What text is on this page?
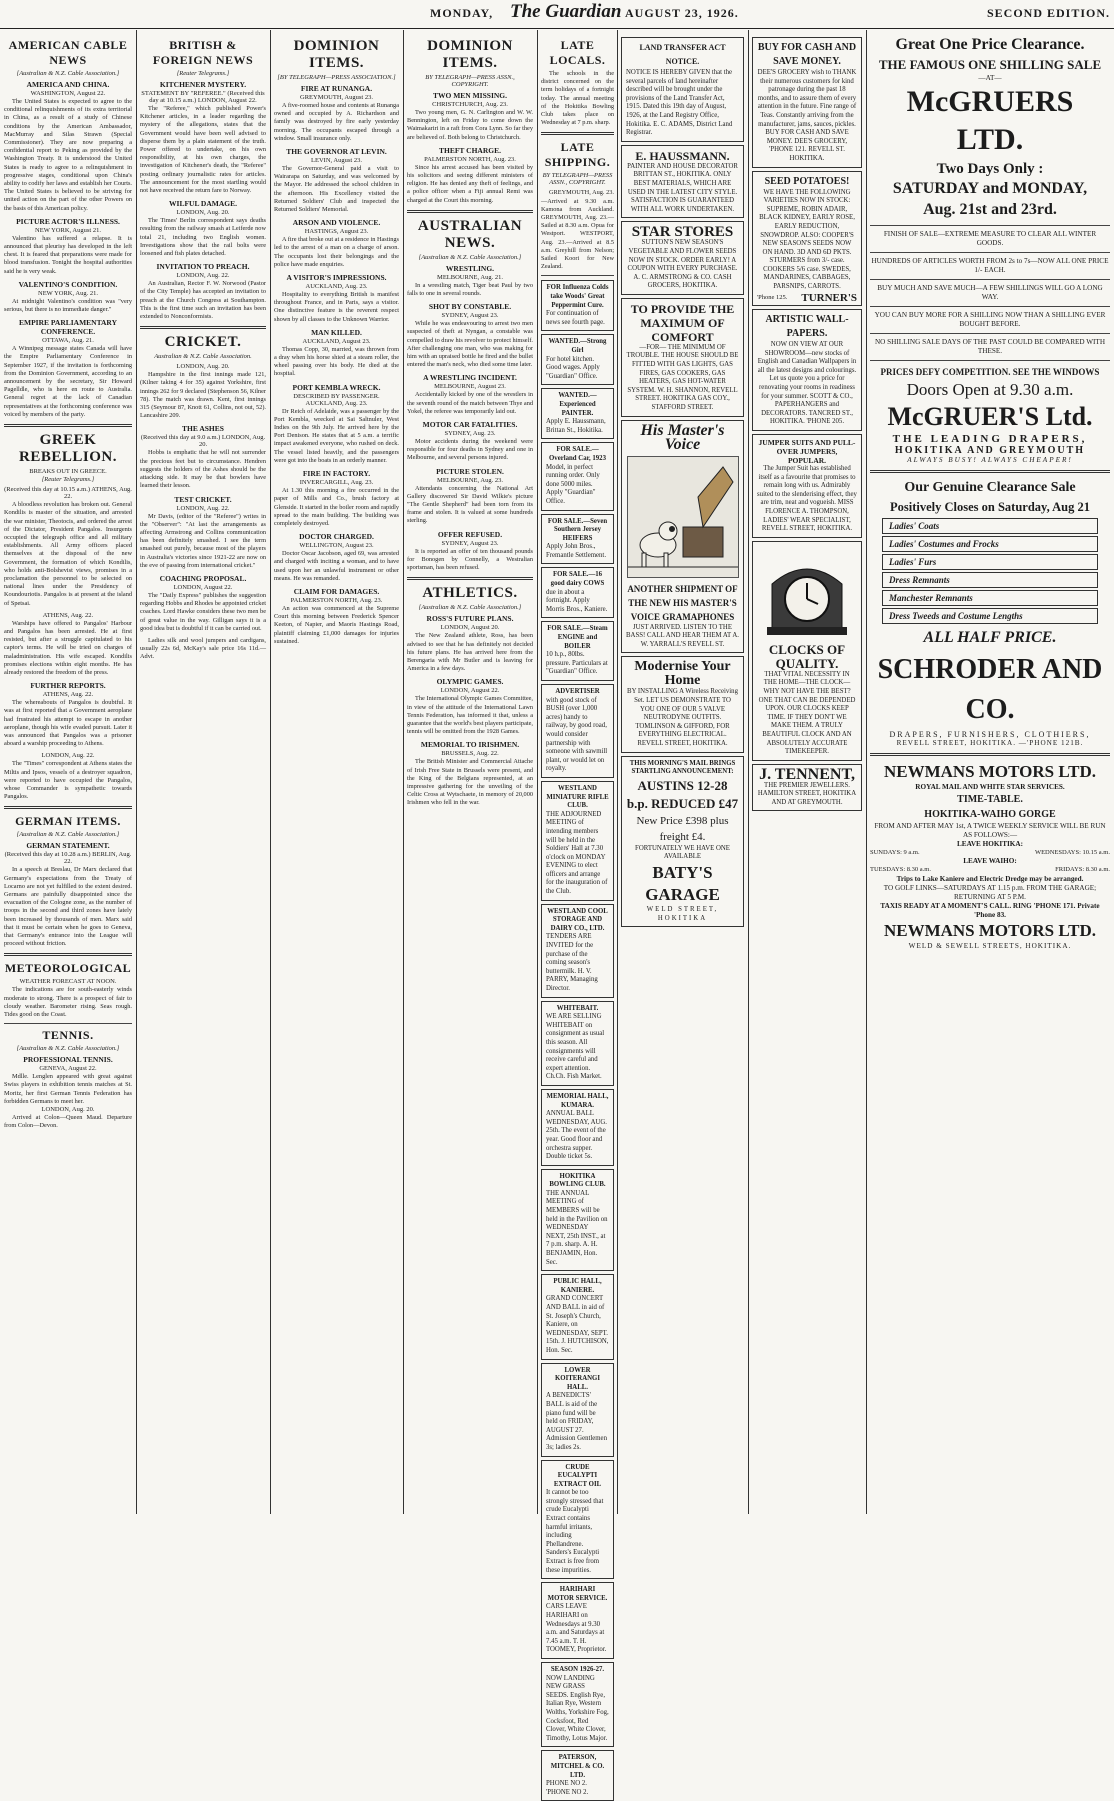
MONDAY, The Guardian AUGUST 23, 1926.	SECOND EDITION.
AMERICAN CABLE NEWS
[Australian & N.Z. Cable Association.]
AMERICA AND CHINA.
WASHINGTON, August 22.

The United States is expected to agree to the conditional relinquishments of its extra territorial in China, as a result of a study of Chinese conditions by the American Ambassador, MacMurray and Silas Strawn (Special Commissioner). They are now preparing a confidential report to Peking as provided by the Washington Treaty. It is understood the United States is ready to agree to a relinquishment in progressive stages, conditional upon China's ability to codify her laws and establish her Courts. The United States is believed to be striving for united action on the part of the other Powers on the basis of this American policy.

PICTURE ACTOR'S ILLNESS.
NEW YORK, August 21.

Valentino has suffered a relapse. It is announced that pleurisy has developed in the left chest. It is feared that preparations were made for blood transfusion. Tonight the hospital authorities said he is very weak.

VALENTINO'S CONDITION.
NEW YORK, Aug. 21.

At midnight Valentino's condition was "very serious, but there is no immediate danger."

EMPIRE PARLIAMENTARY CONFERENCE.
OTTAWA, Aug. 21.

A Winnipeg message states Canada will have the Empire Parliamentary Conference in September 1927, if the invitation is forthcoming from the Dominion Government, according to an announcement by the secretary, Sir Howard Pagelldle, who is here en route to Australia. General regret at the lack of Canadian representatives at the forthcoming conference was voiced by members of the party.

GREEK REBELLION.
BREAKS OUT IN GREECE.
[Reuter Telegrams.]
(Received this day at 10.15 a.m.) ATHENS, Aug. 22.

A bloodless revolution has broken out. General Kondilis is master of the situation, and arrested the war minister, Theotocis, and ordered the arrest of the Dictator, President Pangalos. Insurgents occupied the telegraph office and all military establishments. All Army officers placed themselves at the disposal of the new Government, the formation of which Kondilis, who holds anti-Bolshevist views, promises in a proclamation the personnel to be selected on national lines under the Presidency of Koundouriotis. Pangalos is at present at the island of Spetsai.

ATHENS, Aug. 22.

Warships have offered to Pangalos' Harbour and Pangalos has been arrested. He at first resisted, but after a struggle capitulated to his captor's terms. He will be tried on charges of maladministration. His wife escaped. Kondilis promises elections within eight months. He has already restored the freedom of the press.

FURTHER REPORTS.
ATHENS, Aug. 22.

The whereabouts of Pangalos is doubtful. It was at first reported that a Government aeroplane had frustrated his attempt to escape in another aeroplane, though his wife evaded pursuit. Later it was announced that Pangalos was a prisoner aboard a warship proceeding to Athens.

LONDON, Aug. 22.

The "Times" correspondent at Athens states the Miltis and Ipsos, vessels of a destroyer squadron, were reported to have occupied the Pangalos, whose Commander is sympathetic towards Pangalos.

GERMAN ITEMS.
[Australian & N.Z. Cable Association.]
GERMAN STATEMENT.
(Received this day at 10.28 a.m.) BERLIN, Aug. 22.

In a speech at Breslau, Dr Marx declared that Germany's expectations from the Treaty of Locarno are not yet fulfilled to the extent desired. Germans are painfully disappointed since the evacuation of the Cologne zone, as the number of troops in the second and third zones have lately been increased by thousands of men. Marx said that it must be certain when he goes to Geneva, that Germany's entrance into the League will proceed without friction.

METEOROLOGICAL
WEATHER FORECAST AT NOON.

The indications are for south-easterly winds moderate to strong. There is a prospect of fair to cloudy weather. Barometer rising. Seas rough. Tides good on the Coast.

TENNIS.
[Australian & N.Z. Cable Association.]
PROFESSIONAL TENNIS.
GENEVA, August 22.

Mdlle. Lenglen appeared with great against Swiss players in exhibition tennis matches at St. Moritz, her first German Tennis Federation has forbidden Germans to meet her.

LONDON, Aug. 20.

Arrived at Colon—Queen Maud. Departure from Colon—Devon.

BRITISH & FOREIGN NEWS
[Reuter Telegrams.]
KITCHENER MYSTERY.
STATEMENT BY "REFEREE." (Received this day at 10.15 a.m.) LONDON, August 22.

The "Referee," which published Power's Kitchener articles, in a leader regarding the mystery of the allegations, states that the Government would have been well advised to disperse them by a plain statement of the truth. Power offered to undertake, on his own responsibility, at his own charges, the investigation of Kitchener's death, the "Referee" posting ordinary journalistic rates for articles. The announcement for the most startling would not have received the return fare to Norway.

WILFUL DAMAGE.
LONDON, Aug. 20.

The Times' Berlin correspondent says deaths resulting from the railway smash at Leiferde now total 21, including two English women. Investigations show that the rail bolts were loosened and fish plates detached.

INVITATION TO PREACH.
LONDON, Aug. 22.

An Australian, Rector F. W. Norwood (Pastor of the City Temple) has accepted an invitation to preach at the Church Congress at Southampton. This is the first time such an invitation has been extended to Nonconformists.

CRICKET.
Australian & N.Z. Cable Association.
LONDON, Aug. 20.

Hampshire in the first innings made 121, (Kilner taking 4 for 35) against Yorkshire, first innings 262 for 9 declared (Stephenson 56, Kilner 78). The match was drawn. Kent, first innings 315 (Seymour 87, Knott 61, Collins, not out, 52). Lancashire 209.

THE ASHES
(Received this day at 9.0 a.m.) LONDON, Aug. 20.

Hobbs is emphatic that he will not surrender the precious feet but to circumstance. Hendren suggests the holders of the Ashes should be the attacking side. It may be that bowlers have learned their lesson.

TEST CRICKET.
LONDON, Aug. 22.

Mr Davis, (editor of the "Referee") writes in the "Observer": "At last the arrangements as affecting Armstrong and Collins communication has been definitely smashed. I see the term smashed out purely, because most of the players in Australia's victories since 1921-22 are now on the eve of passing from international cricket."

COACHING PROPOSAL.
LONDON, August 22.

The "Daily Express" publishes the suggestion regarding Hobbs and Rhodes be appointed cricket coaches. Lord Hawke considers these two men be of great value in the way. Gilligan says it is a good idea but is doubtful if it can be carried out.

Ladies silk and wool jumpers and cardigans, usually 22s 6d, McKay's sale price 16s 11d.—Advt.

DOMINION ITEMS.
[BY TELEGRAPH—PRESS ASSOCIATION.]
FIRE AT RUNANGA.
GREYMOUTH, August 23.

A five-roomed house and contents at Runanga owned and occupied by A. Richardson and family was destroyed by fire early yesterday morning. The occupants escaped through a window. Small insurance only.

THE GOVERNOR AT LEVIN.
LEVIN, August 23.

The Governor-General paid a visit to Wairarapa on Saturday, and was welcomed by the Mayor. He addressed the school children in the afternoon. His Excellency visited the Returned Soldiers' Club and inspected the Returned Soldiers' Memorial.

ARSON AND VIOLENCE.
HASTINGS, August 23.

A fire that broke out at a residence in Hastings led to the arrest of a man on a charge of arson. The occupants lost their belongings and the police have made enquiries.

A VISITOR'S IMPRESSIONS.
AUCKLAND, Aug. 23.

Hospitality to everything British is manifest throughout France, and in Paris, says a visitor. One distinctive feature is the reverent respect shown by all classes to the Unknown Warrior.

MAN KILLED.
AUCKLAND, August 23.

Thomas Copp, 30, married, was thrown from a dray when his horse shied at a steam roller, the wheel passing over his body. He died at the hospital.

PORT KEMBLA WRECK.
DESCRIBED BY PASSENGER. AUCKLAND, Aug. 23.

Dr Reich of Adelaide, was a passenger by the Port Kembla, wrecked at Sai Saltnuler, West Indies on the 9th July. He arrived here by the Port Denison. He states that at 5 a.m. a terrific impact awakened everyone, who rushed on deck. The vessel listed heavily, and the passengers were got into the boats in an orderly manner.

FIRE IN FACTORY.
INVERCARGILL, Aug. 23.

At 1.30 this morning a fire occurred in the paper of Mills and Co., brush factory at Glenside. It started in the boiler room and rapidly spread to the main building. The building was completely destroyed.

DOCTOR CHARGED.
WELLINGTON, August 23.

Doctor Oscar Jacobson, aged 69, was arrested and charged with inciting a woman, and to have used upon her an unlawful instrument or other means. He was remanded.

CLAIM FOR DAMAGES.
PALMERSTON NORTH, Aug. 23.

An action was commenced at the Supreme Court this morning between Frederick Spencer Keeton, of Napier, and Maoris Hastings Road, plaintiff claiming £1,000 damages for injuries sustained.

DOMINION ITEMS.
BY TELEGRAPH—PRESS ASSN., COPYRIGHT.
TWO MEN MISSING.
CHRISTCHURCH, Aug. 23.

Two young men, G. N. Carlington and W. W. Bennington, left on Friday to come down the Waimakariri in a raft from Cora Lynn. So far they are believed of. Both belong to Christchurch.

THEFT CHARGE.
PALMERSTON NORTH, Aug. 23.

Since his arrest accused has been visited by his solicitors and seeing different ministers of religion. He has denied any theft of feelings, and a police officer when a Fiji annual Remi was charged at the Court this morning.

AUSTRALIAN NEWS.
[Australian & N.Z. Cable Association.]
WRESTLING.
MELBOURNE, Aug. 21.

In a wrestling match, Tiger beat Paul by two falls to one in several rounds.

SHOT BY CONSTABLE.
SYDNEY, August 23.

While he was endeavouring to arrest two men suspected of theft at Nyngan, a constable was compelled to draw his revolver to protect himself. After challenging one man, who was making for him with an upraised bottle he fired and the bullet entered the man's neck, who died some time later.

A WRESTLING INCIDENT.
MELBOURNE, August 23.

Accidentally kicked by one of the wrestlers in the seventh round of the match between Thye and Yokel, the referee was temporarily laid out.

MOTOR CAR FATALITIES.
SYDNEY, Aug. 23.

Motor accidents during the weekend were responsible for four deaths in Sydney and one in Melbourne, and several persons injured.

PICTURE STOLEN.
MELBOURNE, Aug. 23.

Attendants concerning the National Art Gallery discovered Sir David Wilkie's picture "The Gentle Shepherd" had been torn from its frame and stolen. It is valued at some hundreds sterling.

OFFER REFUSED.
SYDNEY, August 23.

It is reported an offer of ten thousand pounds for Bonogen by Connelly, a Westralian sportsman, has been refused.

ATHLETICS.
[Australian & N.Z. Cable Association.]
ROSS'S FUTURE PLANS.
LONDON, August 20.

The New Zealand athlete, Ross, has been advised to see that he has definitely not decided his future plans. He has arrived here from the Berengaria with Mr Butler and is leaving for America in a few days.

OLYMPIC GAMES.
LONDON, August 22.

The International Olympic Games Committee, in view of the attitude of the International Lawn Tennis Federation, has informed it that, unless a guarantee that the world's best players participate, tennis will be omitted from the 1928 Games.

MEMORIAL TO IRISHMEN.
BRUSSELS, Aug. 22.

The British Minister and Commercial Attache of Irish Free State in Brussels were present, and the King of the Belgians represented, at an impressive gathering for the unveiling of the Celtic Cross at Wytschaete, in memory of 20,000 Irishmen who fell in the war.

LATE LOCALS.

The schools in the district concerned on the term holidays of a fortnight today. The annual meeting of the Hokitika Bowling Club takes place on Wednesday at 7 p.m. sharp.

LATE SHIPPING.
BY TELEGRAPH—PRESS ASSN., COPYRIGHT.

GREYMOUTH, Aug. 23.—Arrived at 9.30 a.m. Kamona from Auckland. GREYMOUTH, Aug. 23.—Sailed at 8.30 a.m. Opua for Westport. WESTPORT, Aug. 23.—Arrived at 8.5 a.m. Greyhill from Nelson; Sailed Koori for New Zealand.

FOR Influenza Colds take Woods' Great Peppermint Cure.
For continuation of news see fourth page.
WANTED.—Strong Girl
For hotel kitchen. Good wages. Apply "Guardian" Office.
WANTED.—Experienced PAINTER.
Apply E. Haussmann, Brittan St., Hokitika.
FOR SALE.—Overland Car, 1923
Model, in perfect running order. Only done 5000 miles. Apply "Guardian" Office.
FOR SALE.—Seven Southern Jersey HEIFERS
Apply John Bros., Fremantle Settlement.
FOR SALE.—16 good dairy COWS
due in about a fortnight. Apply Morris Bros., Kaniere.
FOR SALE.—Steam ENGINE and BOILER
10 h.p., 80lbs. pressure. Particulars at "Guardian" Office.
ADVERTISER
with good stock of BUSH (over 1,000 acres) handy to railway, by good road, would consider partnership with someone with sawmill plant, or would let on royalty.
WESTLAND MINIATURE RIFLE CLUB.
THE ADJOURNED MEETING of intending members will be held in the Soldiers' Hall at 7.30 o'clock on MONDAY EVENING to elect officers and arrange for the inauguration of the Club.
WESTLAND COOL STORAGE AND DAIRY CO., LTD.
TENDERS ARE INVITED for the purchase of the coming season's buttermilk. H. V. PARRY, Managing Director.
WHITEBAIT.
WE ARE SELLING WHITEBAIT on consignment as usual this season. All consignments will receive careful and expert attention. Ch.Ch. Fish Market.
MEMORIAL HALL, KUMARA.
ANNUAL BALL WEDNESDAY, AUG. 25th. The event of the year. Good floor and orchestra supper. Double ticket 5s.
HOKITIKA BOWLING CLUB.
THE ANNUAL MEETING of MEMBERS will be held in the Pavilion on WEDNESDAY NEXT, 25th INST., at 7 p.m. sharp. A. H. BENJAMIN, Hon. Sec.
PUBLIC HALL, KANIERE.
GRAND CONCERT AND BALL in aid of St. Joseph's Church, Kaniere, on WEDNESDAY, SEPT. 15th. J. HUTCHISON, Hon. Sec.
LOWER KOITERANGI HALL.
A BENEDICTS' BALL is aid of the piano fund will be held on FRIDAY, AUGUST 27. Admission Gentlemen 3s; ladies 2s.
CRUDE EUCALYPTI EXTRACT OIL
It cannot be too strongly stressed that crude Eucalypti Extract contains harmful irritants, including Phellandrene. Sanders's Eucalypti Extract is free from these impurities.
HARIHARI MOTOR SERVICE.
CARS LEAVE HARIHARI on Wednesdays at 9.30 a.m. and Saturdays at 7.45 a.m. T. H. TOOMEY, Proprietor.
SEASON 1926-27.
NOW LANDING NEW GRASS SEEDS. English Rye, Italian Rye, Western Wolths, Yorkshire Fog, Cocksfoot, Red Clover, White Clover, Timothy, Lotus Major.
PATERSON, MITCHEL & CO. LTD.
PHONE NO 2. 'PHONE NO 2.
LAND TRANSFER ACT NOTICE.
NOTICE IS HEREBY GIVEN that the several parcels of land hereinafter described will be brought under the provisions of the Land Transfer Act, 1915. Dated this 19th day of August, 1926, at the Land Registry Office, Hokitika. E. C. ADAMS, District Land Registrar.
E. HAUSSMANN.
PAINTER AND HOUSE DECORATOR BRITTAN ST., HOKITIKA. ONLY BEST MATERIALS, WHICH ARE USED IN THE LATEST CITY STYLE. SATISFACTION IS GUARANTEED WITH ALL WORK UNDERTAKEN.
STAR STORES
SUTTON'S NEW SEASON'S VEGETABLE AND FLOWER SEEDS NOW IN STOCK. ORDER EARLY! A COUPON WITH EVERY PURCHASE. A. C. ARMSTRONG & CO. CASH GROCERS, HOKITIKA.
TO PROVIDE THE MAXIMUM OF COMFORT
—FOR— THE MINIMUM OF TROUBLE. THE HOUSE SHOULD BE FITTED WITH GAS LIGHTS, GAS FIRES, GAS COOKERS, GAS HEATERS, GAS HOT-WATER SYSTEM. W. H. SHANNON, REVELL STREET. HOKITIKA GAS COY., STAFFORD STREET.
His Master's Voice
ANOTHER SHIPMENT OF THE NEW HIS MASTER'S VOICE GRAMAPHONES
JUST ARRIVED. LISTEN TO THE BASS! CALL AND HEAR THEM AT A. W. YARRALL'S REVELL ST.
Modernise Your Home
BY INSTALLING A Wireless Receiving Set. LET US DEMONSTRATE TO YOU ONE OF OUR 5 VALVE NEUTRODYNE OUTFITS. TOMLINSON & GIFFORD, FOR EVERYTHING ELECTRICAL. REVELL STREET, HOKITIKA.
THIS MORNING'S MAIL BRINGS STARTLING ANNOUNCEMENT:
AUSTINS 12-28 b.p. REDUCED £47
New Price £398 plus freight £4.
FORTUNATELY WE HAVE ONE AVAILABLE
BATY'S GARAGE
WELD STREET, HOKITIKA
BUY FOR CASH AND SAVE MONEY.
DEE'S GROCERY wish to THANK their numerous customers for kind patronage during the past 18 months, and to assure them of every attention in the future. Fine range of Teas. Constantly arriving from the manufacturer, jams, sauces, pickles. BUY FOR CASH AND SAVE MONEY. DEE'S GROCERY, 'PHONE 121. REVELL ST. HOKITIKA.
SEED POTATOES!
WE HAVE THE FOLLOWING VARIETIES NOW IN STOCK: SUPREME, ROBIN ADAIR, BLACK KIDNEY, EARLY ROSE, EARLY REDUCTION, SNOWDROP. ALSO: COOPER'S NEW SEASON'S SEEDS NOW ON HAND. 3D AND 6D PKTS. STURMERS from 3/- case. COOKERS 5/6 case. SWEDES, MANDARINES, CABBAGES, PARSNIPS, CARROTS.
'Phone 125. TURNER'S
ARTISTIC WALL-PAPERS.
NOW ON VIEW AT OUR SHOWROOM—new stocks of English and Canadian Wallpapers in all the latest designs and colourings. Let us quote you a price for renovating your rooms in readiness for your summer. SCOTT & CO., PAPERHANGERS and DECORATORS. TANCRED ST., HOKITIKA. 'PHONE 205.
JUMPER SUITS AND PULL-OVER JUMPERS, POPULAR.
The Jumper Suit has established itself as a favourite that promises to remain long with us. Admirably suited to the slenderising effect, they are trim, neat and vogueish. MISS FLORENCE A. THOMPSON, LADIES' WEAR SPECIALIST, REVELL STREET, HOKITIKA.
CLOCKS OF QUALITY.
THAT VITAL NECESSITY IN THE HOME—THE CLOCK—WHY NOT HAVE THE BEST? ONE THAT CAN BE DEPENDED UPON. OUR CLOCKS KEEP TIME. IF THEY DON'T WE MAKE THEM. A TRULY BEAUTIFUL CLOCK AND AN ABSOLUTELY ACCURATE TIMEKEEPER.
J. TENNENT,
THE PREMIER JEWELLERS. HAMILTON STREET, HOKITIKA AND AT GREYMOUTH.
Great One Price Clearance.
THE FAMOUS ONE SHILLING SALE
—AT—
McGRUERS LTD.
Two Days Only :
SATURDAY and MONDAY,
Aug. 21st and 23rd.
FINISH OF SALE—EXTREME MEASURE TO CLEAR ALL WINTER GOODS.
HUNDREDS OF ARTICLES WORTH FROM 2s to 7s—NOW ALL ONE PRICE 1/- EACH.
BUY MUCH AND SAVE MUCH—A FEW SHILLINGS WILL GO A LONG WAY.
YOU CAN BUY MORE FOR A SHILLING NOW THAN A SHILLING EVER BOUGHT BEFORE.
NO SHILLING SALE DAYS OF THE PAST COULD BE COMPARED WITH THESE.
PRICES DEFY COMPETITION. SEE THE WINDOWS
Doors Open at 9.30 a.m.
McGRUER'S Ltd.
THE LEADING DRAPERS,
HOKITIKA AND GREYMOUTH
ALWAYS BUSY! ALWAYS CHEAPER!
Our Genuine Clearance Sale
Positively Closes on Saturday, Aug 21
Ladies' Coats
Ladies' Costumes and Frocks
Ladies' Furs
Dress Remnants
Manchester Remnants
Dress Tweeds and Costume Lengths
ALL HALF PRICE.
SCHRODER AND CO.
DRAPERS, FURNISHERS, CLOTHIERS,
REVELL STREET, HOKITIKA. —'PHONE 121B.
NEWMANS MOTORS LTD.
ROYAL MAIL AND WHITE STAR SERVICES.
TIME-TABLE.
HOKITIKA-WAIHO GORGE
FROM AND AFTER MAY 1st, A TWICE WEEKLY SERVICE WILL BE RUN AS FOLLOWS:—
LEAVE HOKITIKA:
SUNDAYS: 9 a.m.	WEDNESDAYS: 10.15 a.m.
LEAVE WAIHO:
TUESDAYS: 8.30 a.m.	FRIDAYS: 8.30 a.m.
Trips to Lake Kaniere and Electric Dredge may be arranged.
TO GOLF LINKS—SATURDAYS AT 1.15 p.m. FROM THE GARAGE; RETURNING AT 5 P.M.
TAXIS READY AT A MOMENT'S CALL. RING 'PHONE 171. Private 'Phone 83.
NEWMANS MOTORS LTD.
WELD & SEWELL STREETS, HOKITIKA.
